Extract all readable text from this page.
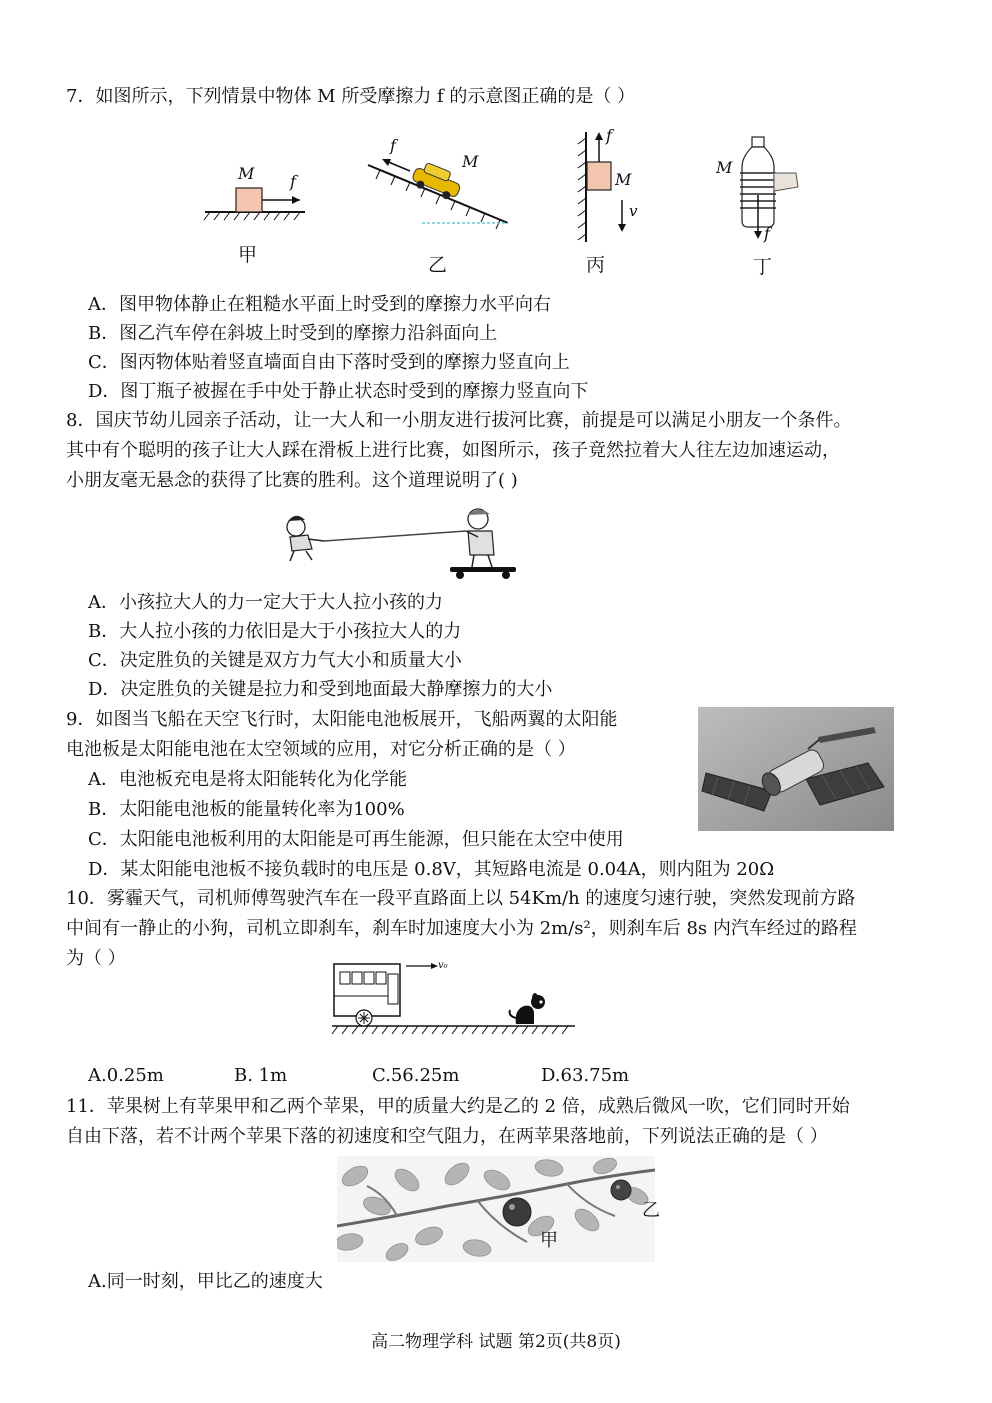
7．如图所示，下列情景中物体 M 所受摩擦力 f 的示意图正确的是（ ）
M f
甲
f
M
乙
f
M
v
丙
M
f
丁
A．图甲物体静止在粗糙水平面上时受到的摩擦力水平向右
B．图乙汽车停在斜坡上时受到的摩擦力沿斜面向上
C．图丙物体贴着竖直墙面自由下落时受到的摩擦力竖直向上
D．图丁瓶子被握在手中处于静止状态时受到的摩擦力竖直向下
8．国庆节幼儿园亲子活动，让一大人和一小朋友进行拔河比赛，前提是可以满足小朋友一个条件。
其中有个聪明的孩子让大人踩在滑板上进行比赛，如图所示，孩子竟然拉着大人往左边加速运动，
小朋友毫无悬念的获得了比赛的胜利。这个道理说明了( )
A．小孩拉大人的力一定大于大人拉小孩的力
B．大人拉小孩的力依旧是大于小孩拉大人的力
C．决定胜负的关键是双方力气大小和质量大小
D．决定胜负的关键是拉力和受到地面最大静摩擦力的大小
9．如图当飞船在天空飞行时，太阳能电池板展开，飞船两翼的太阳能
电池板是太阳能电池在太空领域的应用，对它分析正确的是（ ）
A．电池板充电是将太阳能转化为化学能
B．太阳能电池板的能量转化率为100%
C．太阳能电池板利用的太阳能是可再生能源，但只能在太空中使用
D．某太阳能电池板不接负载时的电压是 0.8V，其短路电流是 0.04A，则内阻为 20Ω
10．雾霾天气，司机师傅驾驶汽车在一段平直路面上以 54Km/h 的速度匀速行驶，突然发现前方路
中间有一静止的小狗，司机立即刹车，刹车时加速度大小为 2m/s²，则刹车后 8s 内汽车经过的路程
为（ ）	v₀
A.0.25m	B. 1m	C.56.25m	D.63.75m
11．苹果树上有苹果甲和乙两个苹果，甲的质量大约是乙的 2 倍，成熟后微风一吹，它们同时开始
自由下落，若不计两个苹果下落的初速度和空气阻力，在两苹果落地前，下列说法正确的是（ ）
乙
甲
A.同一时刻，甲比乙的速度大
高二物理学科 试题 第2页(共8页)
